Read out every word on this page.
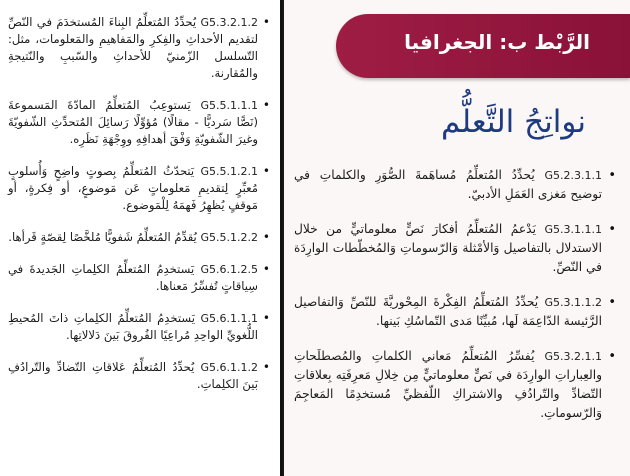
•
G5.3.2.1.2 يُحدِّدُ المُتعلِّمُ البِناءَ المُستخدَمَ في النّصِّ لتقديم الأحداثِ والفِكرِ والمَفاهيمِ والمَعلومات، مثل: التّسلسل الزّمنيّ للأحداثِ والسّببِ والنّتيجةِ والمُقارنة.
•
G5.5.1.1.1 يَستوعِبُ المُتعلِّمُ المادّةَ المَسموعةَ (نَصًّا سَرديًّا - مقالًا) مُؤوِّلًا رَسائِلَ المُتحدِّثِ الشّفويّةَ وغيرَ الشّفويّةِ وَفْقَ أهدافِهِ ووِجْهَةِ نَظَرِه.
•
G5.5.1.2.1 يَتحدّثُ المُتعلِّمُ بِصوتٍ واضِحٍ وَأُسلوبٍ مُعبِّرٍ لِتقديمِ مَعلوماتٍ عَن مَوضوعٍ، أو فِكرةٍ، أو مَوقفٍ يُظهِرُ فَهمَهُ لِلْمَوضوع.
•
G5.5.1.2.2 يُقدِّمُ المُتعلِّمُ شَفويًّا مُلخَّصًا لِقصّةٍ قَرأها.
•
G5.6.1.2.5 يَستخدِمُ المُتعلِّمُ الكلِماتِ الجَديدةَ في سِياقاتٍ تُفسِّرُ مَعناها.
•
G5.6.1.1.1 يَستخدِمُ المُتعلِّمُ الكلِماتِ ذاتَ المُحيطِ اللُّغويِّ الواحِدِ مُراعِيًا الفُروقَ بَينَ دَلالاتِها.
•
G5.6.1.1.2 يُحدِّدُ المُتعلِّمُ عَلاقاتِ التّضادِّ والتّرادُفِ بَينَ الكلِماتِ.
الرَّبْط ب: الجغرافيا
نواتِجُ التَّعلُّم
•
G5.2.3.1.1 يُحدِّدُ المُتعلِّمُ مُساهَمةَ الصُّوَرِ والكلماتِ في توضيح مَغزى العَمَلِ الأدبيّ.
•
G5.3.1.1.1 يَدْعمُ المُتعلِّمُ أفكارَ نَصٍّ معلوماتيٍّ من خلال الاستدلال بالتفاصيل وَالأمْثلة وَالرّسوماتِ وَالمُخطّطات الوارِدَة في النّصِّ.
•
G5.3.1.1.2 يُحدِّدُ المُتعلِّمُ الفِكْرةَ المِحْوريَّةَ للنّصِّ وَالتفاصيل الرَّئيسة الدّاعِمَة لَها، مُبيِّنًا مَدى التّماسُكِ بَينها.
•
G5.3.2.1.1 يُفسِّرُ المُتعلِّمُ مَعاني الكلماتِ والمُصطلَحاتِ والعِباراتِ الوارِدَة في نَصٍّ معلوماتيٍّ مِن خِلالِ مَعرِفَتِه بِعلاقاتِ التّضادِّ والتّرادُفِ والاشتراكِ اللّفظيِّ مُستخدِمًا المَعاجِمَ وَالرّسوماتِ.
